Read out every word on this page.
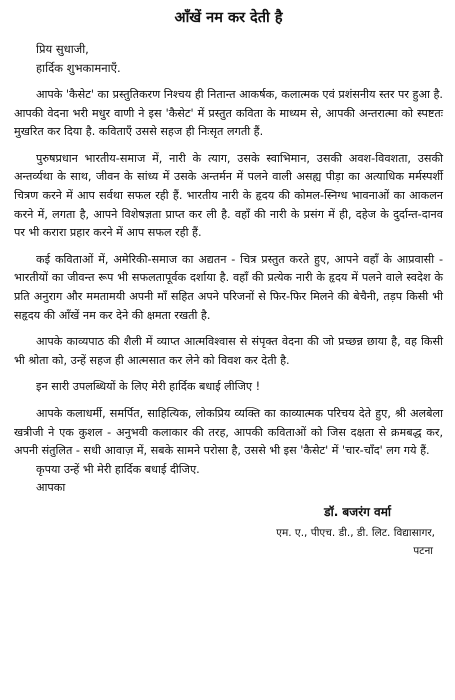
आँखें नम कर देती है
प्रिय सुधाजी,
हार्दिक शुभकामनाएँ.

आपके 'कैसेट' का प्रस्तुतिकरण निश्चय ही नितान्त आकर्षक, कलात्मक एवं प्रशंसनीय स्तर पर हुआ है. आपकी वेदना भरी मधुर वाणी ने इस 'कैसेट' में प्रस्तुत कविता के माध्यम से, आपकी अन्तरात्मा को स्पष्टतः मुखरित कर दिया है. कविताएँ उससे सहज ही निःसृत लगती हैं.

पुरुषप्रधान भारतीय-समाज में, नारी के त्याग, उसके स्वाभिमान, उसकी अवश-विवशता, उसकी अन्तर्व्यथा के साथ, जीवन के सांध्य में उसके अन्तर्मन में पलने वाली असह्य पीड़ा का अत्याधिक मर्मस्पर्शी चित्रण करने में आप सर्वथा सफल रही हैं. भारतीय नारी के हृदय की कोमल-स्निग्ध भावनाओं का आकलन करने में, लगता है, आपने विशेषज्ञता प्राप्त कर ली है. वहाँ की नारी के प्रसंग में ही, दहेज के दुर्दान्त-दानव पर भी करारा प्रहार करने में आप सफल रही हैं.

कई कविताओं में, अमेरिकी-समाज का अद्यतन - चित्र प्रस्तुत करते हुए, आपने वहाँ के आप्रवासी - भारतीयों का जीवन्त रूप भी सफलतापूर्वक दर्शाया है. वहाँ की प्रत्येक नारी के हृदय में पलने वाले स्वदेश के प्रति अनुराग और ममतामयी अपनी माँ सहित अपने परिजनों से फिर-फिर मिलने की बेचैनी, तड़प किसी भी सहृदय की आँखें नम कर देने की क्षमता रखती है.

आपके काव्यपाठ की शैली में व्याप्त आत्मविश्वास से संपृक्त वेदना की जो प्रच्छन्न छाया है, वह किसी भी श्रोता को, उन्हें सहज ही आत्मसात कर लेने को विवश कर देती है.

इन सारी उपलब्धियों के लिए मेरी हार्दिक बधाई लीजिए !

आपके कलाधर्मी, समर्पित, साहित्यिक, लोकप्रिय व्यक्ति का काव्यात्मक परिचय देते हुए, श्री अलबेला खत्रीजी ने एक कुशल - अनुभवी कलाकार की तरह, आपकी कविताओं को जिस दक्षता से क्रमबद्ध कर, अपनी संतुलित - सधी आवाज़ में, सबके सामने परोसा है, उससे भी इस 'कैसेट' में 'चार-चाँद' लग गये हैं.

कृपया उन्हें भी मेरी हार्दिक बधाई दीजिए.

आपका
डॉ. बजरंग वर्मा
एम. ए., पीएच. डी., डी. लिट. विद्यासागर,
पटना
